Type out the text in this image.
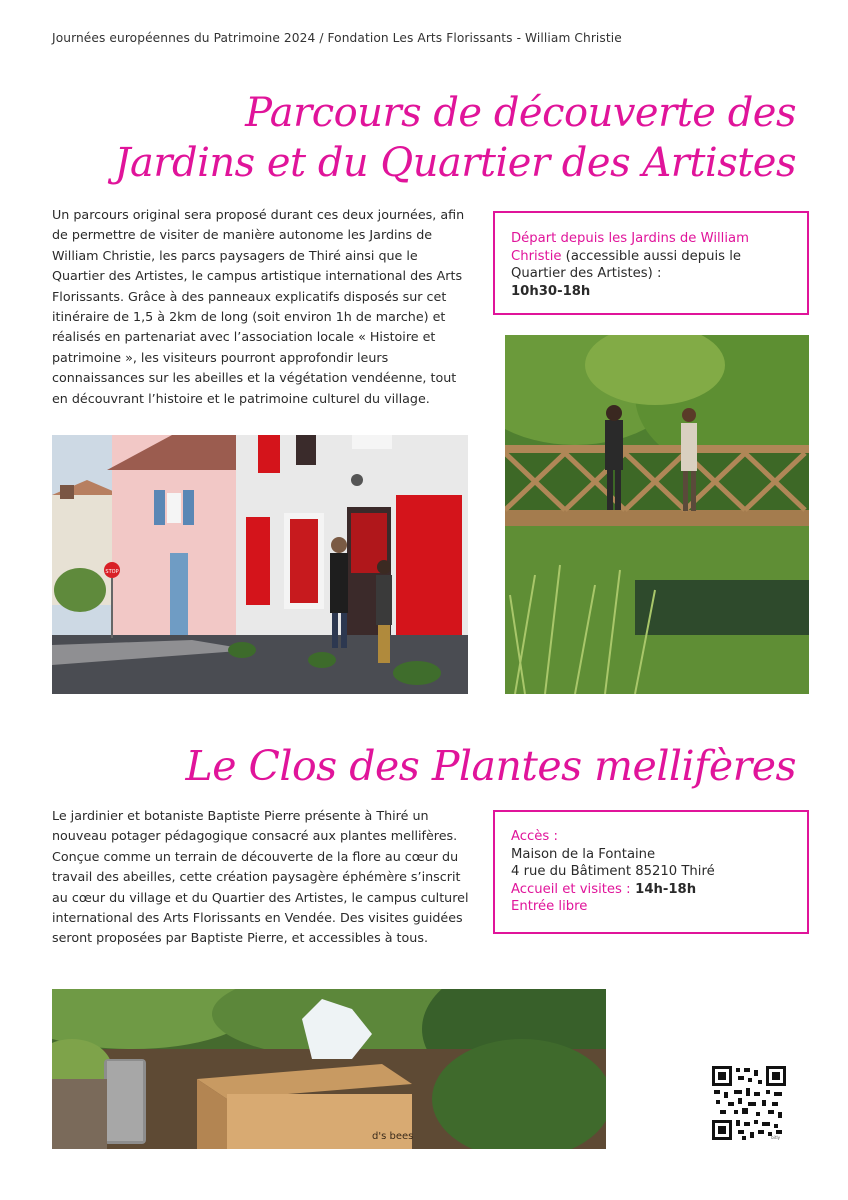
Journées européennes du Patrimoine 2024 / Fondation Les Arts Florissants - William Christie
Parcours de découverte des
Jardins et du Quartier des Artistes

Un parcours original sera proposé durant ces deux journées, afin de permettre de visiter de manière autonome les Jardins de William Christie, les parcs paysagers de Thiré ainsi que le Quartier des Artistes, le campus artistique international des Arts Florissants. Grâce à des panneaux explicatifs disposés sur cet itinéraire de 1,5 à 2km de long (soit environ 1h de marche) et réalisés en partenariat avec l’association locale « Histoire et patrimoine », les visiteurs pourront approfondir leurs connaissances sur les abeilles et la végétation vendéenne, tout en découvrant l’histoire et le patrimoine culturel du village.

Départ depuis les Jardins de William Christie (accessible aussi depuis le Quartier des Artistes) :
10h30-18h
STOP
Le Clos des Plantes mellifères

Le jardinier et botaniste Baptiste Pierre présente à Thiré un nouveau potager pédagogique consacré aux plantes mellifères. Conçue comme un terrain de découverte de la flore au cœur du travail des abeilles, cette création paysagère éphémère s’inscrit au cœur du village et du Quartier des Artistes, le campus culturel international des Arts Florissants en Vendée. Des visites guidées seront proposées par Baptiste Pierre, et accessibles à tous.

Accès :
Maison de la Fontaine
4 rue du Bâtiment 85210 Thiré
Accueil et visites : 14h-18h
Entrée libre
d's bees	bitly
